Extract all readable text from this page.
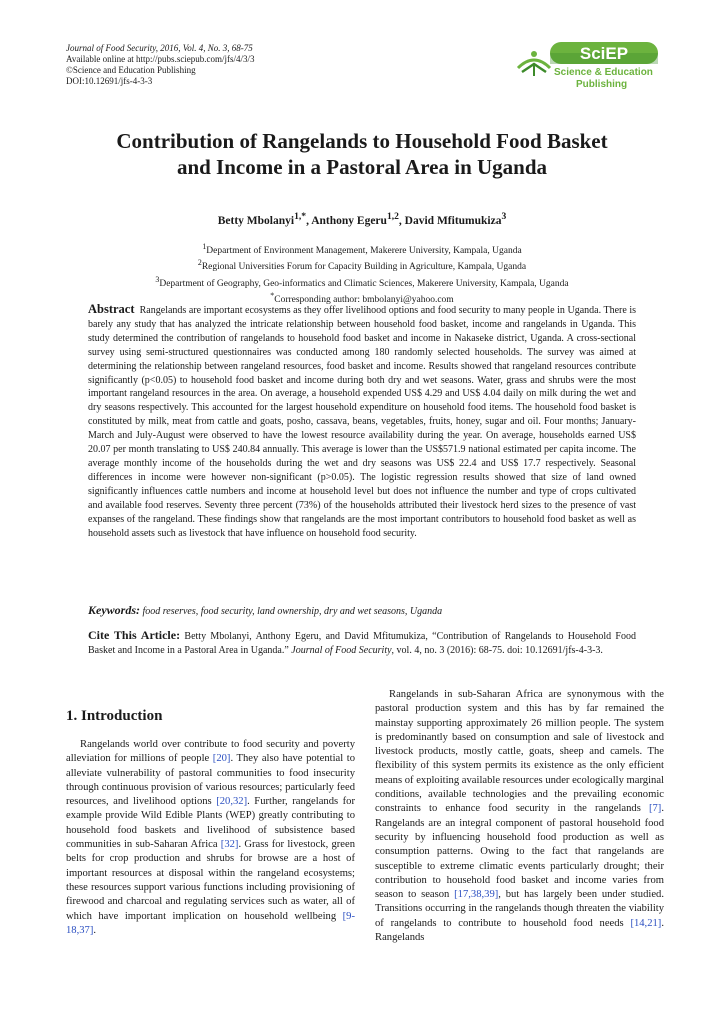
Journal of Food Security, 2016, Vol. 4, No. 3, 68-75
Available online at http://pubs.sciepub.com/jfs/4/3/3
©Science and Education Publishing
DOI:10.12691/jfs-4-3-3
SciEP
Science & Education
Publishing
Contribution of Rangelands to Household Food Basket
and Income in a Pastoral Area in Uganda
Betty Mbolanyi$^{1,*}$, Anthony Egeru$^{1,2}$, David Mfitumukiza$^3$
$^1$Department of Environment Management, Makerere University, Kampala, Uganda
$^2$Regional Universities Forum for Capacity Building in Agriculture, Kampala, Uganda
$^3$Department of Geography, Geo-informatics and Climatic Sciences, Makerere University, Kampala, Uganda
*Corresponding author: bmbolanyi@yahoo.com
Abstract Rangelands are important ecosystems as they offer livelihood options and food security to many people in Uganda. There is barely any study that has analyzed the intricate relationship between household food basket, income and rangelands in Uganda. This study determined the contribution of rangelands to household food basket and income in Nakaseke district, Uganda. A cross-sectional survey using semi-structured questionnaires was conducted among 180 randomly selected households. The survey was aimed at determining the relationship between rangeland resources, food basket and income. Results showed that rangeland resources contribute significantly (p<0.05) to household food basket and income during both dry and wet seasons. Water, grass and shrubs were the most important rangeland resources in the area. On average, a household expended US$ 4.29 and US$ 4.04 daily on milk during the wet and dry seasons respectively. This accounted for the largest household expenditure on household food items. The household food basket is constituted by milk, meat from cattle and goats, posho, cassava, beans, vegetables, fruits, honey, sugar and oil. Four months; January-March and July-August were observed to have the lowest resource availability during the year. On average, households earned US$ 20.07 per month translating to US$ 240.84 annually. This average is lower than the US$571.9 national estimated per capita income. The average monthly income of the households during the wet and dry seasons was US$ 22.4 and US$ 17.7 respectively. Seasonal differences in income were however non-significant (p>0.05). The logistic regression results showed that size of land owned significantly influences cattle numbers and income at household level but does not influence the number and type of crops cultivated and available food reserves. Seventy three percent (73%) of the households attributed their livestock herd sizes to the presence of vast expanses of the rangeland. These findings show that rangelands are the most important contributors to household food basket as well as household assets such as livestock that have influence on household food security.
Keywords: food reserves, food security, land ownership, dry and wet seasons, Uganda
Cite This Article: Betty Mbolanyi, Anthony Egeru, and David Mfitumukiza, “Contribution of Rangelands to Household Food Basket and Income in a Pastoral Area in Uganda.” Journal of Food Security, vol. 4, no. 3 (2016): 68-75. doi: 10.12691/jfs-4-3-3.
1. Introduction

Rangelands world over contribute to food security and poverty alleviation for millions of people [20]. They also have potential to alleviate vulnerability of pastoral communities to food insecurity through continuous provision of various resources; particularly feed resources, and livelihood options [20,32]. Further, rangelands for example provide Wild Edible Plants (WEP) greatly contributing to household food baskets and livelihood of subsistence based communities in sub-Saharan Africa [32]. Grass for livestock, green belts for crop production and shrubs for browse are a host of important resources at disposal within the rangeland ecosystems; these resources support various functions including provisioning of firewood and charcoal and regulating services such as water, all of which have important implication on household wellbeing [9-18,37].

Rangelands in sub-Saharan Africa are synonymous with the pastoral production system and this has by far remained the mainstay supporting approximately 26 million people. The system is predominantly based on consumption and sale of livestock and livestock products, mostly cattle, goats, sheep and camels. The flexibility of this system permits its existence as the only efficient means of exploiting available resources under ecologically marginal conditions, available technologies and the prevailing economic constraints to enhance food security in the rangelands [7]. Rangelands are an integral component of pastoral household food security by influencing household food production as well as consumption patterns. Owing to the fact that rangelands are susceptible to extreme climatic events particularly drought; their contribution to household food basket and income varies from season to season [17,38,39], but has largely been under studied. Transitions occurring in the rangelands though threaten the viability of rangelands to contribute to household food needs [14,21]. Rangelands
